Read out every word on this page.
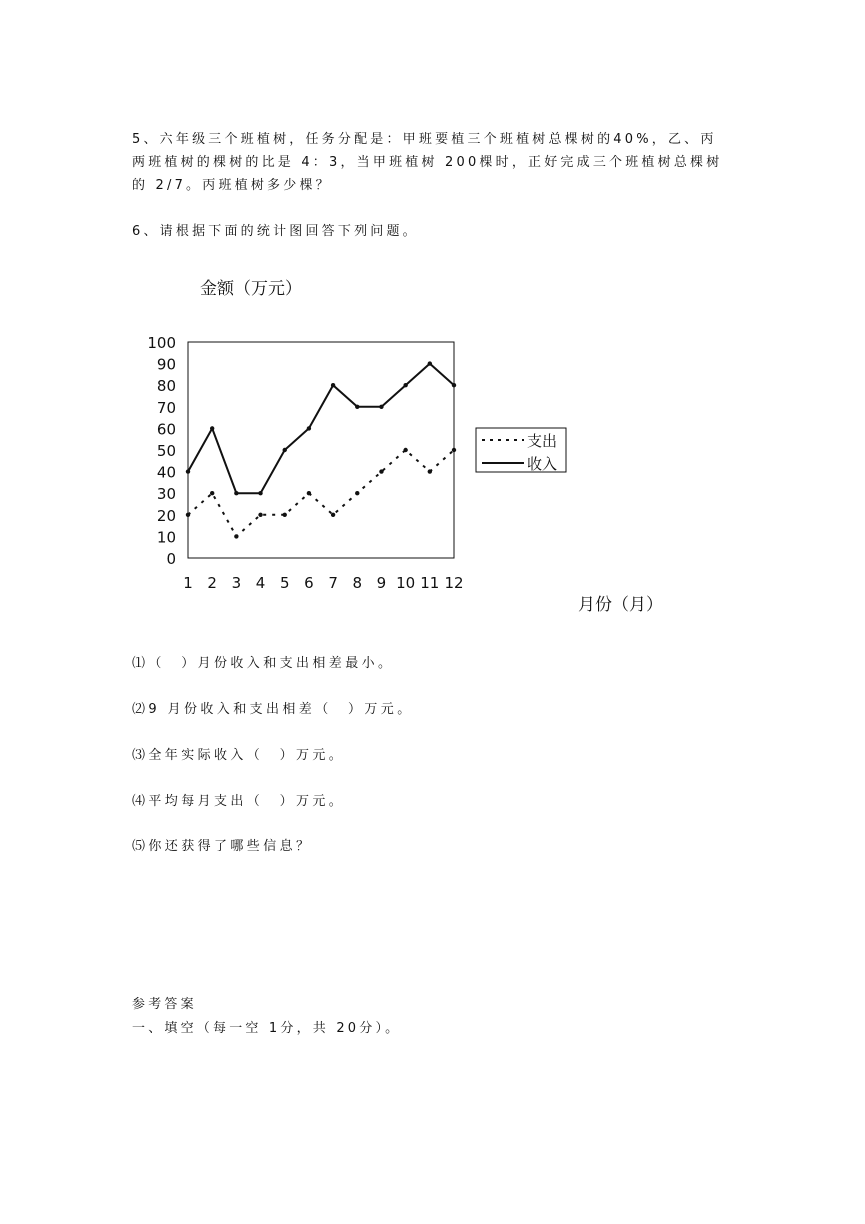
5、六年级三个班植树，任务分配是：甲班要植三个班植树总棵树的40%，乙、丙两班植树的棵树的比是 4：3，当甲班植树 200棵时，正好完成三个班植树总棵树的 2/7。丙班植树多少棵？
6、请根据下面的统计图回答下列问题。
金额（万元）
月份（月）
0
10
20
30
40
50
60
70
80
90
100
1 2 3 4 5 6 7 8 9 10 11 12
支出
收入
⑴（　）月份收入和支出相差最小。
⑵9 月份收入和支出相差（　）万元。
⑶全年实际收入（　）万元。
⑷平均每月支出（　）万元。
⑸你还获得了哪些信息？
参考答案
一、填空（每一空 1分，共 20分）。
